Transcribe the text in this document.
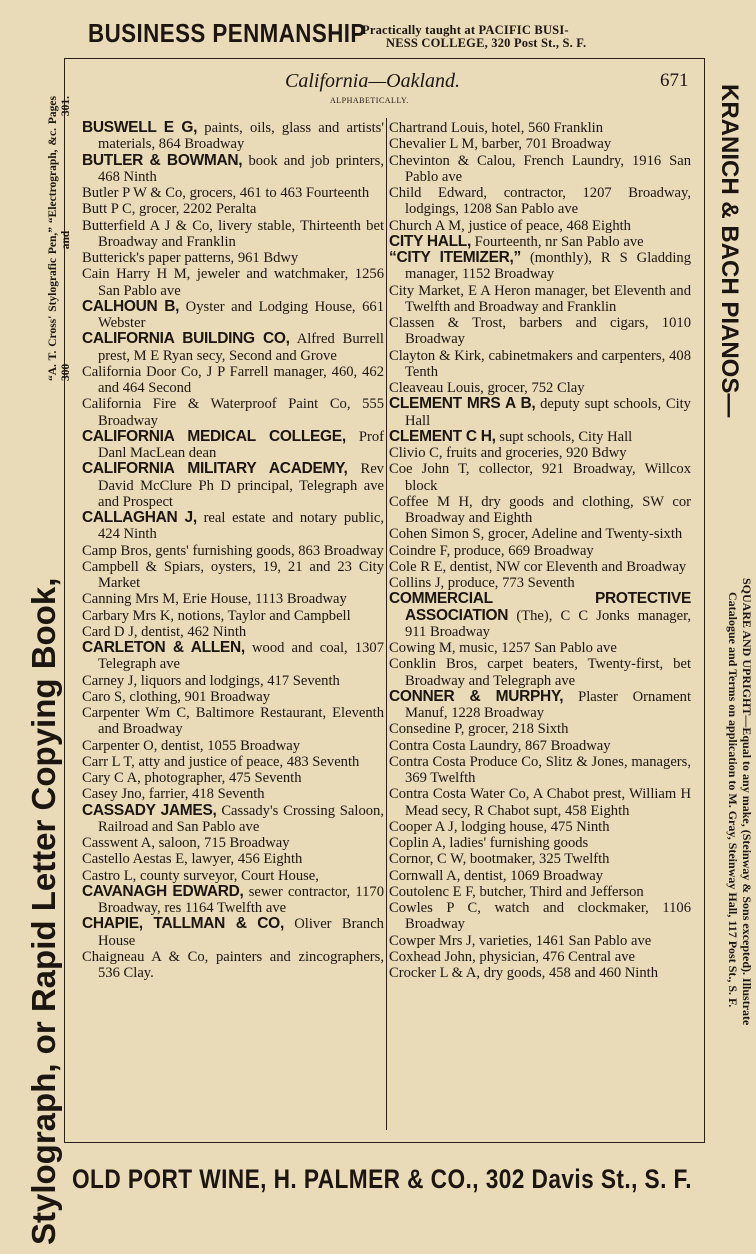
BUSINESS PENMANSHIP
Practically taught at PACIFIC BUSI-
NESS COLLEGE, 320 Post St., S. F.
California—Oakland.	671
ALPHABETICALLY.
BUSWELL E G, paints, oils, glass and artists' materials, 864 Broadway
BUTLER & BOWMAN, book and job printers, 468 Ninth
Butler P W & Co, grocers, 461 to 463 Fourteenth
Butt P C, grocer, 2202 Peralta
Butterfield A J & Co, livery stable, Thirteenth bet Broadway and Franklin
Butterick's paper patterns, 961 Bdwy
Cain Harry H M, jeweler and watchmaker, 1256 San Pablo ave
CALHOUN B, Oyster and Lodging House, 661 Webster
CALIFORNIA BUILDING CO, Alfred Burrell prest, M E Ryan secy, Second and Grove
California Door Co, J P Farrell manager, 460, 462 and 464 Second
California Fire & Waterproof Paint Co, 555 Broadway
CALIFORNIA MEDICAL COLLEGE, Prof Danl MacLean dean
CALIFORNIA MILITARY ACADEMY, Rev David McClure Ph D principal, Telegraph ave and Prospect
CALLAGHAN J, real estate and notary public, 424 Ninth
Camp Bros, gents' furnishing goods, 863 Broadway
Campbell & Spiars, oysters, 19, 21 and 23 City Market
Canning Mrs M, Erie House, 1113 Broadway
Carbary Mrs K, notions, Taylor and Campbell
Card D J, dentist, 462 Ninth
CARLETON & ALLEN, wood and coal, 1307 Telegraph ave
Carney J, liquors and lodgings, 417 Seventh
Caro S, clothing, 901 Broadway
Carpenter Wm C, Baltimore Restaurant, Eleventh and Broadway
Carpenter O, dentist, 1055 Broadway
Carr L T, atty and justice of peace, 483 Seventh
Cary C A, photographer, 475 Seventh
Casey Jno, farrier, 418 Seventh
CASSADY JAMES, Cassady's Crossing Saloon, Railroad and San Pablo ave
Casswent A, saloon, 715 Broadway
Castello Aestas E, lawyer, 456 Eighth
Castro L, county surveyor, Court House,
CAVANAGH EDWARD, sewer contractor, 1170 Broadway, res 1164 Twelfth ave
CHAPIE, TALLMAN & CO, Oliver Branch House
Chaigneau A & Co, painters and zincographers, 536 Clay.
Chartrand Louis, hotel, 560 Franklin
Chevalier L M, barber, 701 Broadway
Chevinton & Calou, French Laundry, 1916 San Pablo ave
Child Edward, contractor, 1207 Broadway, lodgings, 1208 San Pablo ave
Church A M, justice of peace, 468 Eighth
CITY HALL, Fourteenth, nr San Pablo ave
“CITY ITEMIZER,” (monthly), R S Gladding manager, 1152 Broadway
City Market, E A Heron manager, bet Eleventh and Twelfth and Broadway and Franklin
Classen & Trost, barbers and cigars, 1010 Broadway
Clayton & Kirk, cabinetmakers and carpenters, 408 Tenth
Cleaveau Louis, grocer, 752 Clay
CLEMENT MRS A B, deputy supt schools, City Hall
CLEMENT C H, supt schools, City Hall
Clivio C, fruits and groceries, 920 Bdwy
Coe John T, collector, 921 Broadway, Willcox block
Coffee M H, dry goods and clothing, SW cor Broadway and Eighth
Cohen Simon S, grocer, Adeline and Twenty-sixth
Coindre F, produce, 669 Broadway
Cole R E, dentist, NW cor Eleventh and Broadway
Collins J, produce, 773 Seventh
COMMERCIAL PROTECTIVE ASSOCIATION (The), C C Jonks manager, 911 Broadway
Cowing M, music, 1257 San Pablo ave
Conklin Bros, carpet beaters, Twenty-first, bet Broadway and Telegraph ave
CONNER & MURPHY, Plaster Ornament Manuf, 1228 Broadway
Consedine P, grocer, 218 Sixth
Contra Costa Laundry, 867 Broadway
Contra Costa Produce Co, Slitz & Jones, managers, 369 Twelfth
Contra Costa Water Co, A Chabot prest, William H Mead secy, R Chabot supt, 458 Eighth
Cooper A J, lodging house, 475 Ninth
Coplin A, ladies' furnishing goods
Cornor, C W, bootmaker, 325 Twelfth
Cornwall A, dentist, 1069 Broadway
Coutolenc E F, butcher, Third and Jefferson
Cowles P C, watch and clockmaker, 1106 Broadway
Cowper Mrs J, varieties, 1461 San Pablo ave
Coxhead John, physician, 476 Central ave
Crocker L & A, dry goods, 458 and 460 Ninth
Stylograph, or Rapid Letter Copying Book,
“A. T. Cross' Stylografic Pen,” “Electrograph, &c. Pages 300 and 301.	KRANICH & BACH PIANOS—
SQUARE AND UPRIGHT—Equal to any make, (Steinway & Sons excepted). Illustrate
Catalogue and Terms on application to M. Gray, Steinway Hall, 117 Post St., S. F.
OLD PORT WINE, H. PALMER & CO., 302 Davis St., S. F.
